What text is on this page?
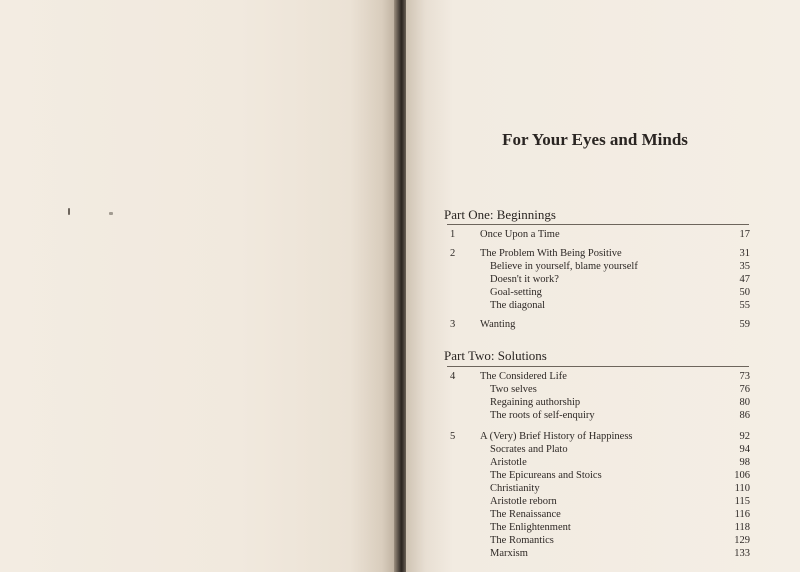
For Your Eyes and Minds
Part One: Beginnings
1 Once Upon a Time	17
2 The Problem With Being Positive	31
Believe in yourself, blame yourself	35
Doesn't it work?	47
Goal-setting	50
The diagonal	55
3 Wanting	59
Part Two: Solutions
4 The Considered Life	73
Two selves	76
Regaining authorship	80
The roots of self-enquiry	86
5 A (Very) Brief History of Happiness	92
Socrates and Plato	94
Aristotle	98
The Epicureans and Stoics	106
Christianity	110
Aristotle reborn	115
The Renaissance	116
The Enlightenment	118
The Romantics	129
Marxism	133
